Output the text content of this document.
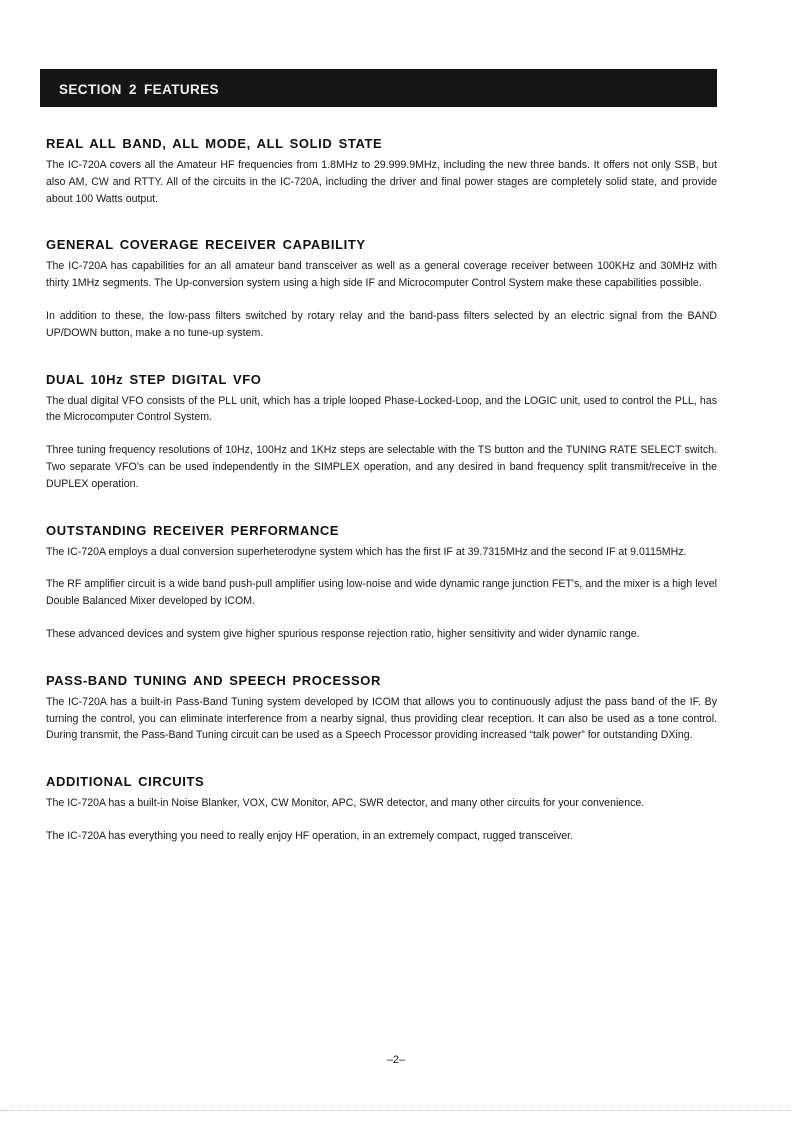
SECTION 2 FEATURES
REAL ALL BAND, ALL MODE, ALL SOLID STATE

The IC-720A covers all the Amateur HF frequencies from 1.8MHz to 29.999.9MHz, including the new three bands. It offers not only SSB, but also AM, CW and RTTY. All of the circuits in the IC-720A, including the driver and final power stages are completely solid state, and provide about 100 Watts output.

GENERAL COVERAGE RECEIVER CAPABILITY

The IC-720A has capabilities for an all amateur band transceiver as well as a general coverage receiver between 100KHz and 30MHz with thirty 1MHz segments. The Up-conversion system using a high side IF and Microcomputer Control System make these capabilities possible.

In addition to these, the low-pass filters switched by rotary relay and the band-pass filters selected by an electric signal from the BAND UP/DOWN button, make a no tune-up system.

DUAL 10Hz STEP DIGITAL VFO

The dual digital VFO consists of the PLL unit, which has a triple looped Phase-Locked-Loop, and the LOGIC unit, used to control the PLL, has the Microcomputer Control System.

Three tuning frequency resolutions of 10Hz, 100Hz and 1KHz steps are selectable with the TS button and the TUNING RATE SELECT switch. Two separate VFO's can be used independently in the SIMPLEX operation, and any desired in band frequency split transmit/receive in the DUPLEX operation.

OUTSTANDING RECEIVER PERFORMANCE

The IC-720A employs a dual conversion superheterodyne system which has the first IF at 39.7315MHz and the second IF at 9.0115MHz.

The RF amplifier circuit is a wide band push-pull amplifier using low-noise and wide dynamic range junction FET's, and the mixer is a high level Double Balanced Mixer developed by ICOM.

These advanced devices and system give higher spurious response rejection ratio, higher sensitivity and wider dynamic range.

PASS-BAND TUNING AND SPEECH PROCESSOR

The IC-720A has a built-in Pass-Band Tuning system developed by ICOM that allows you to continuously adjust the pass band of the IF. By turning the control, you can eliminate interference from a nearby signal, thus providing clear reception. It can also be used as a tone control. During transmit, the Pass-Band Tuning circuit can be used as a Speech Processor providing increased “talk power” for outstanding DXing.

ADDITIONAL CIRCUITS

The IC-720A has a built-in Noise Blanker, VOX, CW Monitor, APC, SWR detector, and many other circuits for your convenience.

The IC-720A has everything you need to really enjoy HF operation, in an extremely compact, rugged transceiver.

–2–
